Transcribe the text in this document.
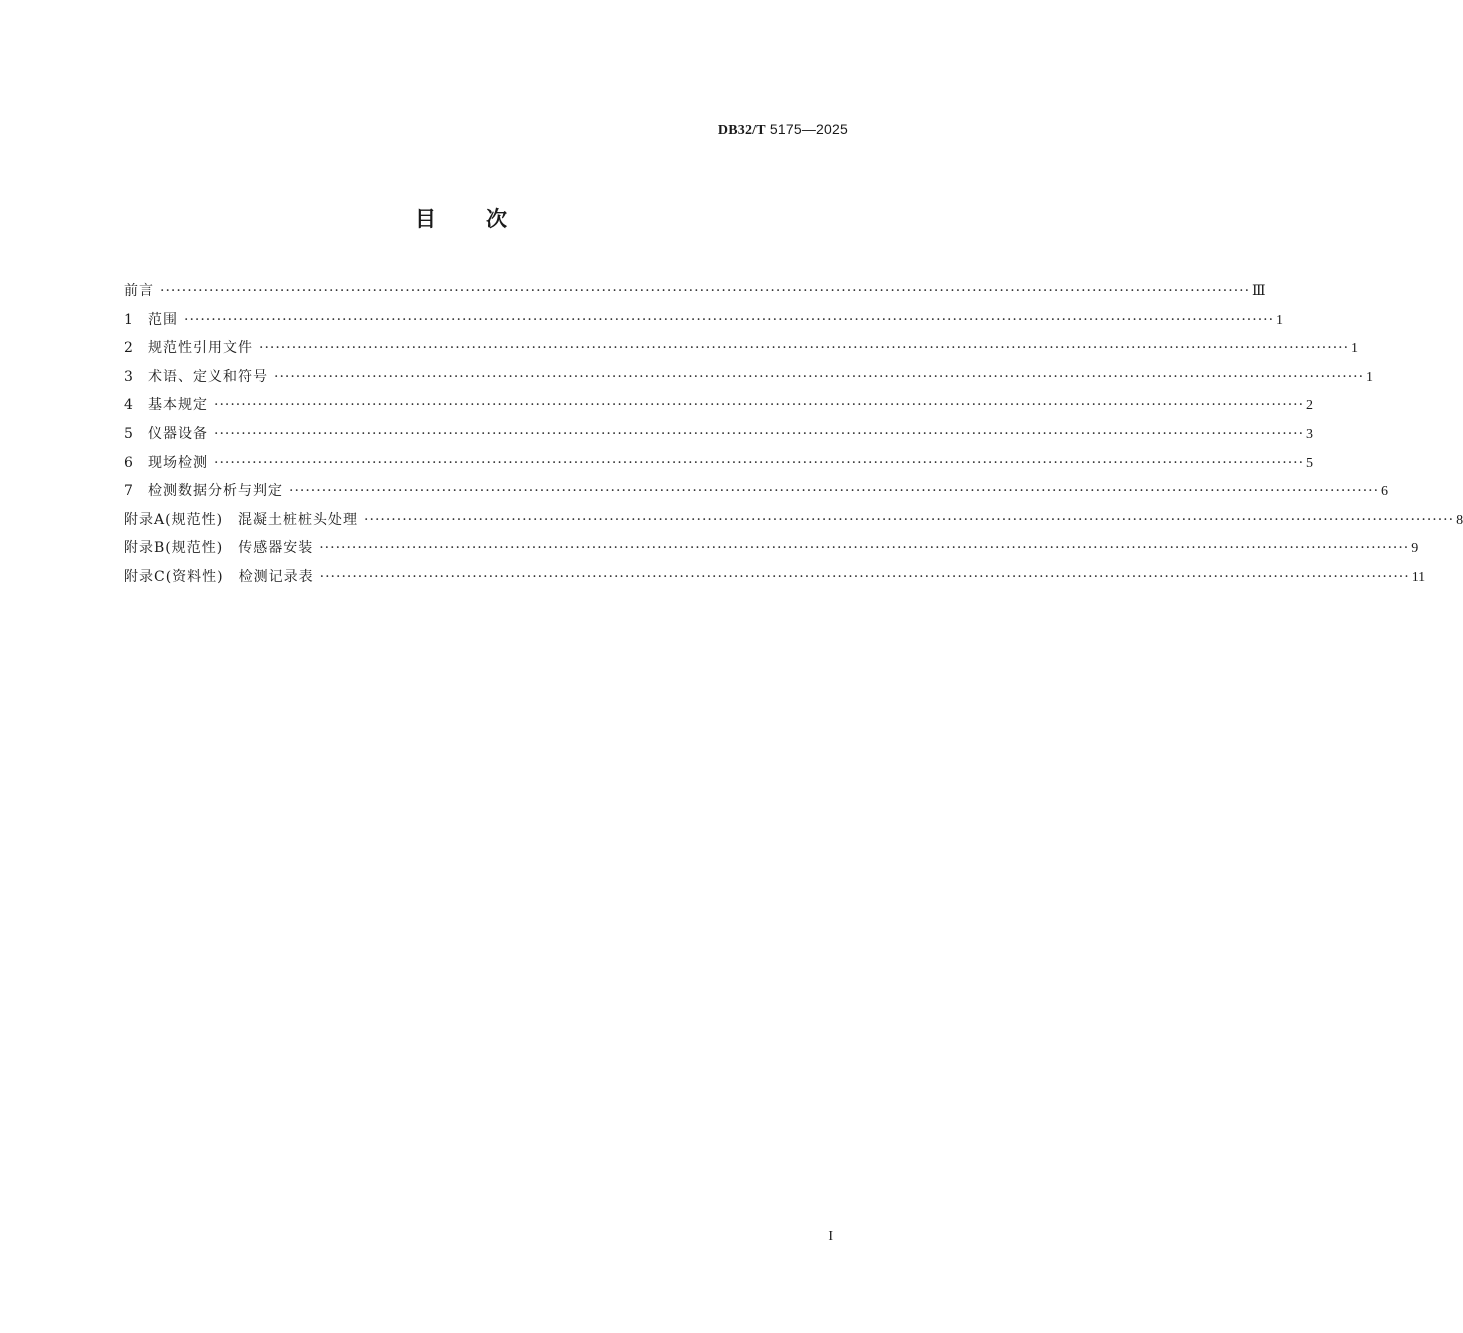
DB32/T 5175—2025
目次
前言 ········································································································································································································ Ⅲ
1	范围 ········································································································································································································ 1
2	规范性引用文件 ········································································································································································································ 1
3	术语、定义和符号 ········································································································································································································ 1
4	基本规定 ········································································································································································································ 2
5	仪器设备 ········································································································································································································ 3
6	现场检测 ········································································································································································································ 5
7	检测数据分析与判定 ········································································································································································································ 6
附录A(规范性)　混凝土桩桩头处理 ········································································································································································································ 8
附录B(规范性)　传感器安装 ········································································································································································································ 9
附录C(资料性)　检测记录表 ········································································································································································································ 11
I
